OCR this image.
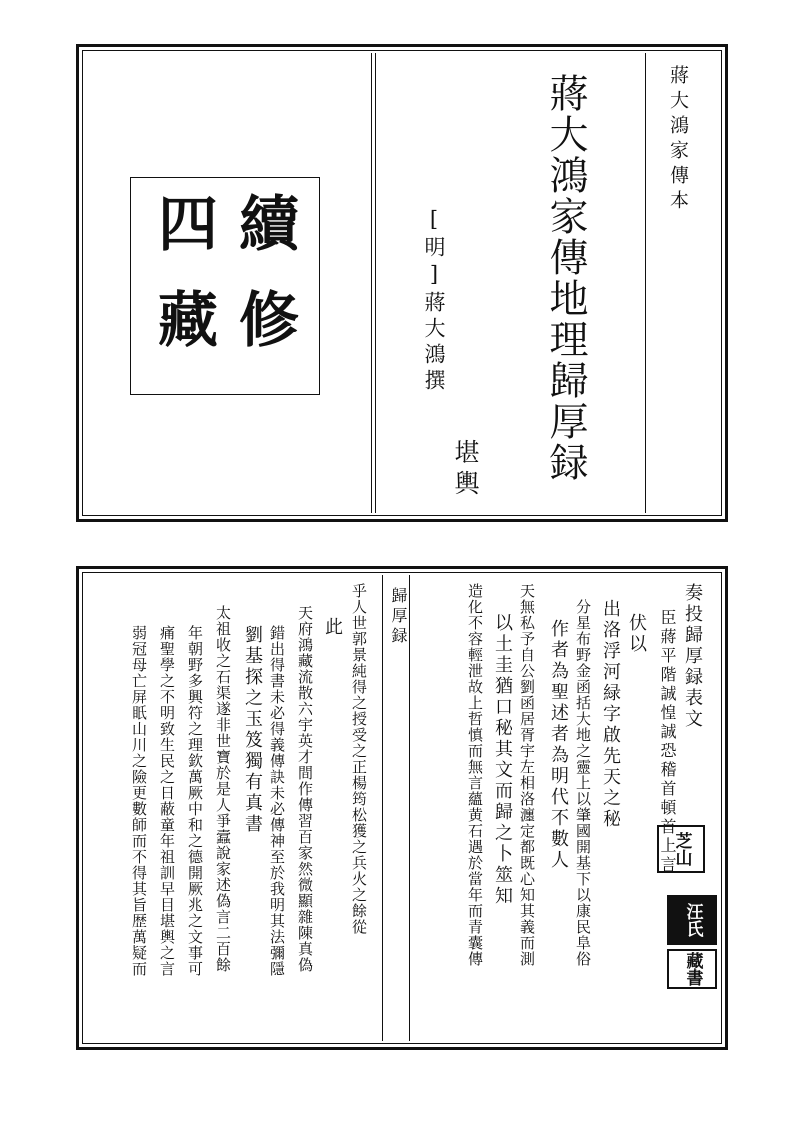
續
修
四
藏	[明]蔣大鴻撰
堪輿 蔣大鴻家傳地理歸厚録	蔣大鴻家傳本
歸厚録	奏投歸厚録表文
臣蔣平階誠惶誠恐稽首頓首上言
伏以
出洛浮河緑字啟先天之秘
分星布野金函括大地之靈上以肇國開基下以康民阜俗
作者為聖述者為明代不數人
天無私予自公劉函居胥宇左相洛瀍定都既心知其義而測
以土圭猶口秘其文而歸之卜筮知
造化不容輕泄故上哲慎而無言蘊黄石遇於當年而青囊傳
乎人世郭景純得之授受之正楊筠松獲之兵火之餘從
此
天府鴻藏流散六宇英才間作傳習百家然微顯雜陳真偽
錯出得書未必得義傳訣未必傳神至於我明其法彌隱
劉基探之玉笈獨有真書
太祖收之石渠遂非世寶於是人爭蠧說家述偽言二百餘
年朝野多興符之理欽萬厥中和之德開厥兆之文事可
痛聖學之不明致生民之日蔽童年祖訓早目堪輿之言
弱冠母亡屏眂山川之險更數師而不得其旨歴萬疑而	芝山
汪氏
藏書
